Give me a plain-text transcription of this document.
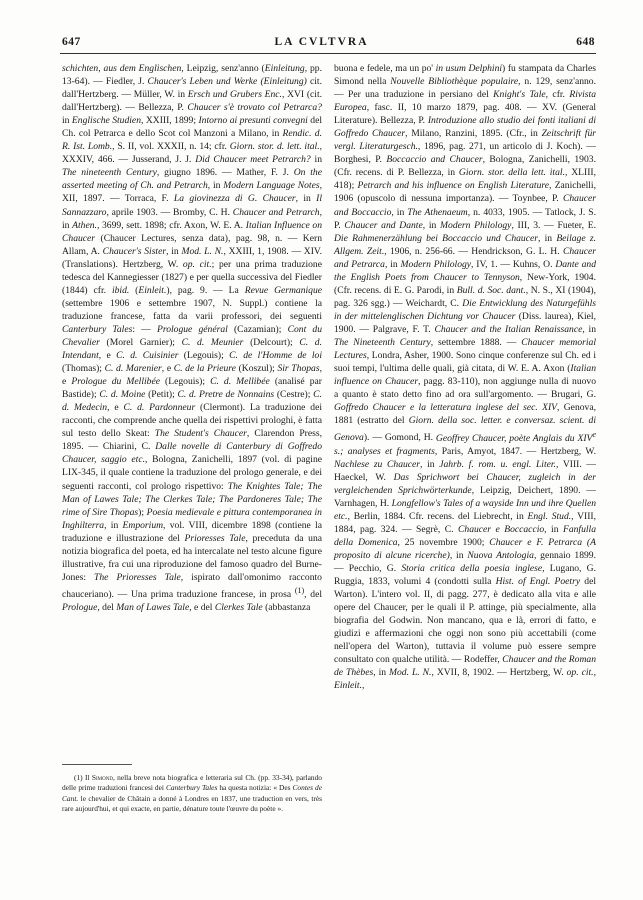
647	LA CVLTVRA	648

schichten, aus dem Englischen, Leipzig, senz'anno (Einleitung, pp. 13-64). — Fiedler, J. Chaucer's Leben und Werke (Einleitung) cit. dall'Hertzberg. — Müller, W. in Ersch und Grubers Enc., XVI (cit. dall'Hertzberg). — Bellezza, P. Chaucer s'è trovato col Petrarca? in Englische Studien, XXIII, 1899; Intorno ai presunti convegni del Ch. col Petrarca e dello Scot col Manzoni a Milano, in Rendic. d. R. Ist. Lomb., S. II, vol. XXXII, n. 14; cfr. Giorn. stor. d. lett. ital., XXXIV, 466. — Jusserand, J. J. Did Chaucer meet Petrarch? in The nineteenth Century, giugno 1896. — Mather, F. J. On the asserted meeting of Ch. and Petrarch, in Modern Language Notes, XII, 1897. — Torraca, F. La giovinezza di G. Chaucer, in Il Sannazzaro, aprile 1903. — Bromby, C. H. Chaucer and Petrarch, in Athen., 3699, sett. 1898; cfr. Axon, W. E. A. Italian Influence on Chaucer (Chaucer Lectures, senza data), pag. 98, n. — Kern Allam, A. Chaucer's Sister, in Mod. L. N., XXIII, 1, 1908. — XIV. (Translations). Hertzberg, W. op. cit.; per una prima traduzione tedesca del Kannegiesser (1827) e per quella successiva del Fiedler (1844) cfr. ibid. (Einleit.), pag. 9. — La Revue Germanique (settembre 1906 e settembre 1907, N. Suppl.) contiene la traduzione francese, fatta da varii professori, dei seguenti Canterbury Tales: — Prologue général (Cazamian); Cont du Chevalier (Morel Garnier); C. d. Meunier (Delcourt); C. d. Intendant, e C. d. Cuisinier (Legouis); C. de l'Homme de loi (Thomas); C. d. Marenier, e C. de la Prieure (Koszul); Sir Thopas, e Prologue du Mellibée (Legouis); C. d. Mellibée (analisé par Bastide); C. d. Moine (Petit); C. d. Pretre de Nonnains (Cestre); C. d. Medecin, e C. d. Pardonneur (Clermont). La traduzione dei racconti, che comprende anche quella dei rispettivi prologhi, è fatta sul testo dello Skeat: The Student's Chaucer, Clarendon Press, 1895. — Chiarini, C. Dalle novelle di Canterbury di Goffredo Chaucer, saggio etc., Bologna, Zanichelli, 1897 (vol. di pagine LIX-345, il quale contiene la traduzione del prologo generale, e dei seguenti racconti, col prologo rispettivo: The Knightes Tale; The Man of Lawes Tale; The Clerkes Tale; The Pardoneres Tale; The rime of Sire Thopas); Poesia medievale e pittura contemporanea in Inghilterra, in Emporium, vol. VIII, dicembre 1898 (contiene la traduzione e illustrazione del Prioresses Tale, preceduta da una notizia biografica del poeta, ed ha intercalate nel testo alcune figure illustrative, fra cui una riproduzione del famoso quadro del Burne-Jones: The Prioresses Tale, ispirato dall'omonimo racconto chauceriano). — Una prima traduzione francese, in prosa $^{(1)}$, del Prologue, del Man of Lawes Tale, e del Clerkes Tale (abbastanza

buona e fedele, ma un po' in usum Delphini) fu stampata da Charles Simond nella Nouvelle Bibliothèque populaire, n. 129, senz'anno. — Per una traduzione in persiano del Knight's Tale, cfr. Rivista Europea, fasc. II, 10 marzo 1879, pag. 408. — XV. (General Literature). Bellezza, P. Introduzione allo studio dei fonti italiani di Goffredo Chaucer, Milano, Ranzini, 1895. (Cfr., in Zeitschrift für vergl. Literaturgesch., 1896, pag. 271, un articolo di J. Koch). — Borghesi, P. Boccaccio and Chaucer, Bologna, Zanichelli, 1903. (Cfr. recens. di P. Bellezza, in Giorn. stor. della lett. ital., XLIII, 418); Petrarch and his influence on English Literature, Zanichelli, 1906 (opuscolo di nessuna importanza). — Toynbee, P. Chaucer and Boccaccio, in The Athenaeum, n. 4033, 1905. — Tatlock, J. S. P. Chaucer and Dante, in Modern Philology, III, 3. — Fueter, E. Die Rahmenerzählung bei Boccaccio und Chaucer, in Beilage z. Allgem. Zeit., 1906, n. 256-66. — Hendrickson, G. L. H. Chaucer and Petrarca, in Modern Philology, IV, 1. — Kuhns, O. Dante and the English Poets from Chaucer to Tennyson, New-York, 1904. (Cfr. recens. di E. G. Parodi, in Bull. d. Soc. dant., N. S., XI (1904), pag. 326 sgg.) — Weichardt, C. Die Entwicklung des Naturgefühls in der mittelenglischen Dichtung vor Chaucer (Diss. laurea), Kiel, 1900. — Palgrave, F. T. Chaucer and the Italian Renaissance, in The Nineteenth Century, settembre 1888. — Chaucer memorial Lectures, Londra, Asher, 1900. Sono cinque conferenze sul Ch. ed i suoi tempi, l'ultima delle quali, già citata, di W. E. A. Axon (Italian influence on Chaucer, pagg. 83-110), non aggiunge nulla di nuovo a quanto è stato detto fino ad ora sull'argomento. — Brugari, G. Goffredo Chaucer e la letteratura inglese del sec. XIV, Genova, 1881 (estratto del Giorn. della soc. letter. e conversaz. scient. di Genova). — Gomond, H. Geoffrey Chaucer, poète Anglais du XIVe s.; analyses et fragments, Paris, Amyot, 1847. — Hertzberg, W. Nachlese zu Chaucer, in Jahrb. f. rom. u. engl. Liter., VIII. — Haeckel, W. Das Sprichwort bei Chaucer, zugleich in der vergleichenden Sprichwörterkunde, Leipzig, Deichert, 1890. — Varnhagen, H. Longfellow's Tales of a wayside Inn und ihre Quellen etc., Berlin, 1884. Cfr. recens. del Liebrecht, in Engl. Stud., VIII, 1884, pag. 324. — Segrè, C. Chaucer e Boccaccio, in Fanfulla della Domenica, 25 novembre 1900; Chaucer e F. Petrarca (A proposito di alcune ricerche), in Nuova Antologia, gennaio 1899. — Pecchio, G. Storia critica della poesia inglese, Lugano, G. Ruggia, 1833, volumi 4 (condotti sulla Hist. of Engl. Poetry del Warton). L'intero vol. II, di pagg. 277, è dedicato alla vita e alle opere del Chaucer, per le quali il P. attinge, più specialmente, alla biografia del Godwin. Non mancano, qua e là, errori di fatto, e giudizi e affermazioni che oggi non sono più accettabili (come nell'opera del Warton), tuttavia il volume può essere sempre consultato con qualche utilità. — Rodeffer, Chaucer and the Roman de Thèbes, in Mod. L. N., XVII, 8, 1902. — Hertzberg, W. op. cit., Einleit.,

(1) Il Simond, nella breve nota biografica e letteraria sul Ch. (pp. 33-34), parlando delle prime traduzioni francesi dei Canterbury Tales ha questa notizia: « Des Contes de Cant. le chevalier de Châtain a donné à Londres en 1837, une traduction en vers, très rare aujourd'hui, et qui exacte, en partie, dénature toute l'œuvre du poète ».
